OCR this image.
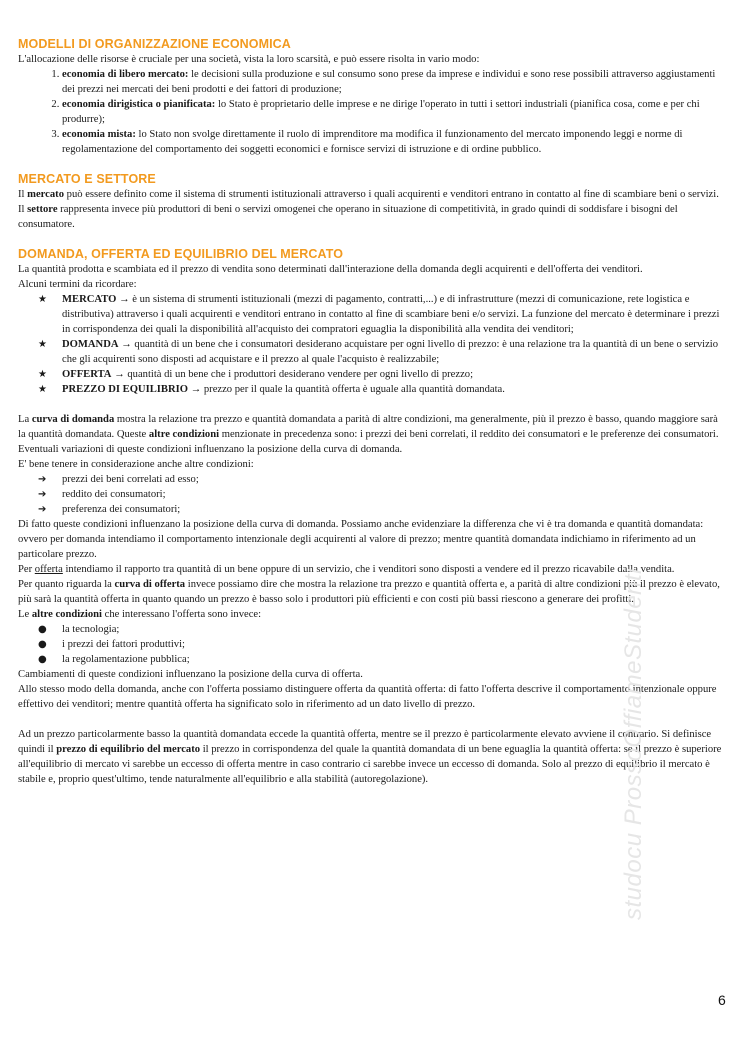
MODELLI DI ORGANIZZAZIONE ECONOMICA

L'allocazione delle risorse è cruciale per una società, vista la loro scarsità, e può essere risolta in vario modo:

1. economia di libero mercato: le decisioni sulla produzione e sul consumo sono prese da imprese e individui e sono rese possibili attraverso aggiustamenti dei prezzi nei mercati dei beni prodotti e dei fattori di produzione;
2. economia dirigistica o pianificata: lo Stato è proprietario delle imprese e ne dirige l'operato in tutti i settori industriali (pianifica cosa, come e per chi produrre);
3. economia mista: lo Stato non svolge direttamente il ruolo di imprenditore ma modifica il funzionamento del mercato imponendo leggi e norme di regolamentazione del comportamento dei soggetti economici e fornisce servizi di istruzione e di ordine pubblico.
MERCATO E SETTORE

Il mercato può essere definito come il sistema di strumenti istituzionali attraverso i quali acquirenti e venditori entrano in contatto al fine di scambiare beni o servizi.

Il settore rappresenta invece più produttori di beni o servizi omogenei che operano in situazione di competitività, in grado quindi di soddisfare i bisogni del consumatore.

DOMANDA, OFFERTA ED EQUILIBRIO DEL MERCATO

La quantità prodotta e scambiata ed il prezzo di vendita sono determinati dall'interazione della domanda degli acquirenti e dell'offerta dei venditori.

Alcuni termini da ricordare:

★ MERCATO → è un sistema di strumenti istituzionali (mezzi di pagamento, contratti,...) e di infrastrutture (mezzi di comunicazione, rete logistica e distributiva) attraverso i quali acquirenti e venditori entrano in contatto al fine di scambiare beni e/o servizi. La funzione del mercato è determinare i prezzi in corrispondenza dei quali la disponibilità all'acquisto dei compratori eguaglia la disponibilità alla vendita dei venditori;
★ DOMANDA → quantità di un bene che i consumatori desiderano acquistare per ogni livello di prezzo: è una relazione tra la quantità di un bene o servizio che gli acquirenti sono disposti ad acquistare e il prezzo al quale l'acquisto è realizzabile;
★ OFFERTA → quantità di un bene che i produttori desiderano vendere per ogni livello di prezzo;
★ PREZZO DI EQUILIBRIO → prezzo per il quale la quantità offerta è uguale alla quantità domandata.

La curva di domanda mostra la relazione tra prezzo e quantità domandata a parità di altre condizioni, ma generalmente, più il prezzo è basso, quando maggiore sarà la quantità domandata. Queste altre condizioni menzionate in precedenza sono: i prezzi dei beni correlati, il reddito dei consumatori e le preferenze dei consumatori. Eventuali variazioni di queste condizioni influenzano la posizione della curva di domanda.

E' bene tenere in considerazione anche altre condizioni:

➔ prezzi dei beni correlati ad esso;
➔ reddito dei consumatori;
➔ preferenza dei consumatori;

Di fatto queste condizioni influenzano la posizione della curva di domanda. Possiamo anche evidenziare la differenza che vi è tra domanda e quantità domandata: ovvero per domanda intendiamo il comportamento intenzionale degli acquirenti al valore di prezzo; mentre quantità domandata indichiamo in riferimento ad un particolare prezzo.

Per offerta intendiamo il rapporto tra quantità di un bene oppure di un servizio, che i venditori sono disposti a vendere ed il prezzo ricavabile dalla vendita.

Per quanto riguarda la curva di offerta invece possiamo dire che mostra la relazione tra prezzo e quantità offerta e, a parità di altre condizioni più il prezzo è elevato, più sarà la quantità offerta in quanto quando un prezzo è basso solo i produttori più efficienti e con costi più bassi riescono a generare dei profitti.

Le altre condizioni che interessano l'offerta sono invece:

● la tecnologia;
● i prezzi dei fattori produttivi;
● la regolamentazione pubblica;

Cambiamenti di queste condizioni influenzano la posizione della curva di offerta.

Allo stesso modo della domanda, anche con l'offerta possiamo distinguere offerta da quantità offerta: di fatto l'offerta descrive il comportamento intenzionale oppure effettivo dei venditori; mentre quantità offerta ha significato solo in riferimento ad un dato livello di prezzo.

Ad un prezzo particolarmente basso la quantità domandata eccede la quantità offerta, mentre se il prezzo è particolarmente elevato avviene il contrario. Si definisce quindi il prezzo di equilibrio del mercato il prezzo in corrispondenza del quale la quantità domandata di un bene eguaglia la quantità offerta: se il prezzo è superiore all'equilibrio di mercato vi sarebbe un eccesso di offerta mentre in caso contrario ci sarebbe invece un eccesso di domanda. Solo al prezzo di equilibrio il mercato è stabile e, proprio quest'ultimo, tende naturalmente all'equilibrio e alla stabilità (autoregolazione).	studocu ProssoOffiameStudenti
6
